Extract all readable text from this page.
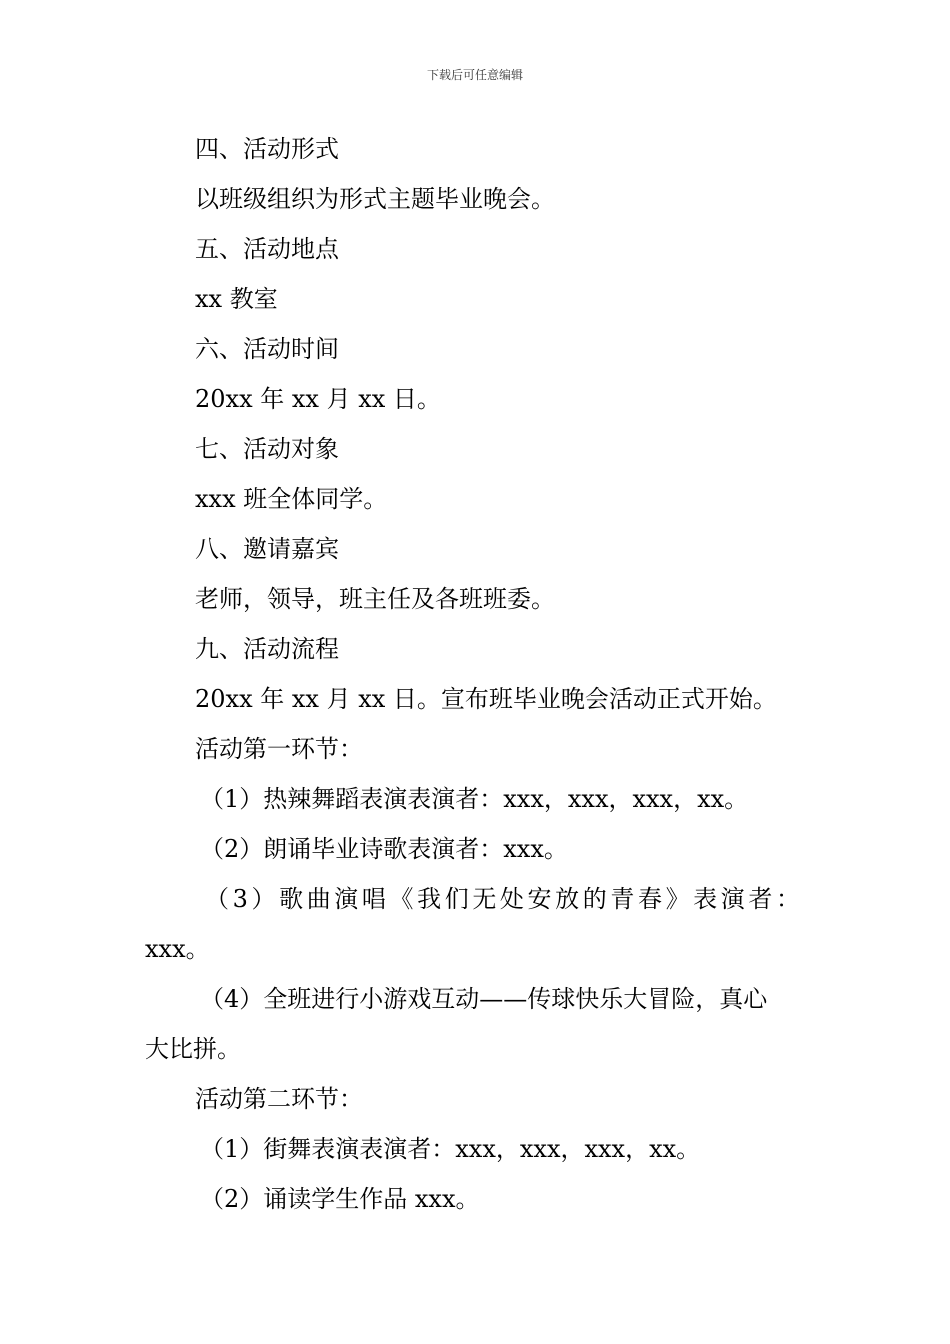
下载后可任意编辑
四、活动形式
以班级组织为形式主题毕业晚会。
五、活动地点
xx 教室
六、活动时间
20xx 年 xx 月 xx 日。
七、活动对象
xxx 班全体同学。
八、邀请嘉宾
老师，领导，班主任及各班班委。
九、活动流程
20xx 年 xx 月 xx 日。宣布班毕业晚会活动正式开始。
活动第一环节：
（1）热辣舞蹈表演表演者：xxx，xxx，xxx，xx。
（2）朗诵毕业诗歌表演者：xxx。
（3）歌曲演唱《我们无处安放的青春》表演者：
xxx。
（4）全班进行小游戏互动——传球快乐大冒险，真心
大比拼。
活动第二环节：
（1）街舞表演表演者：xxx，xxx，xxx，xx。
（2）诵读学生作品 xxx。
